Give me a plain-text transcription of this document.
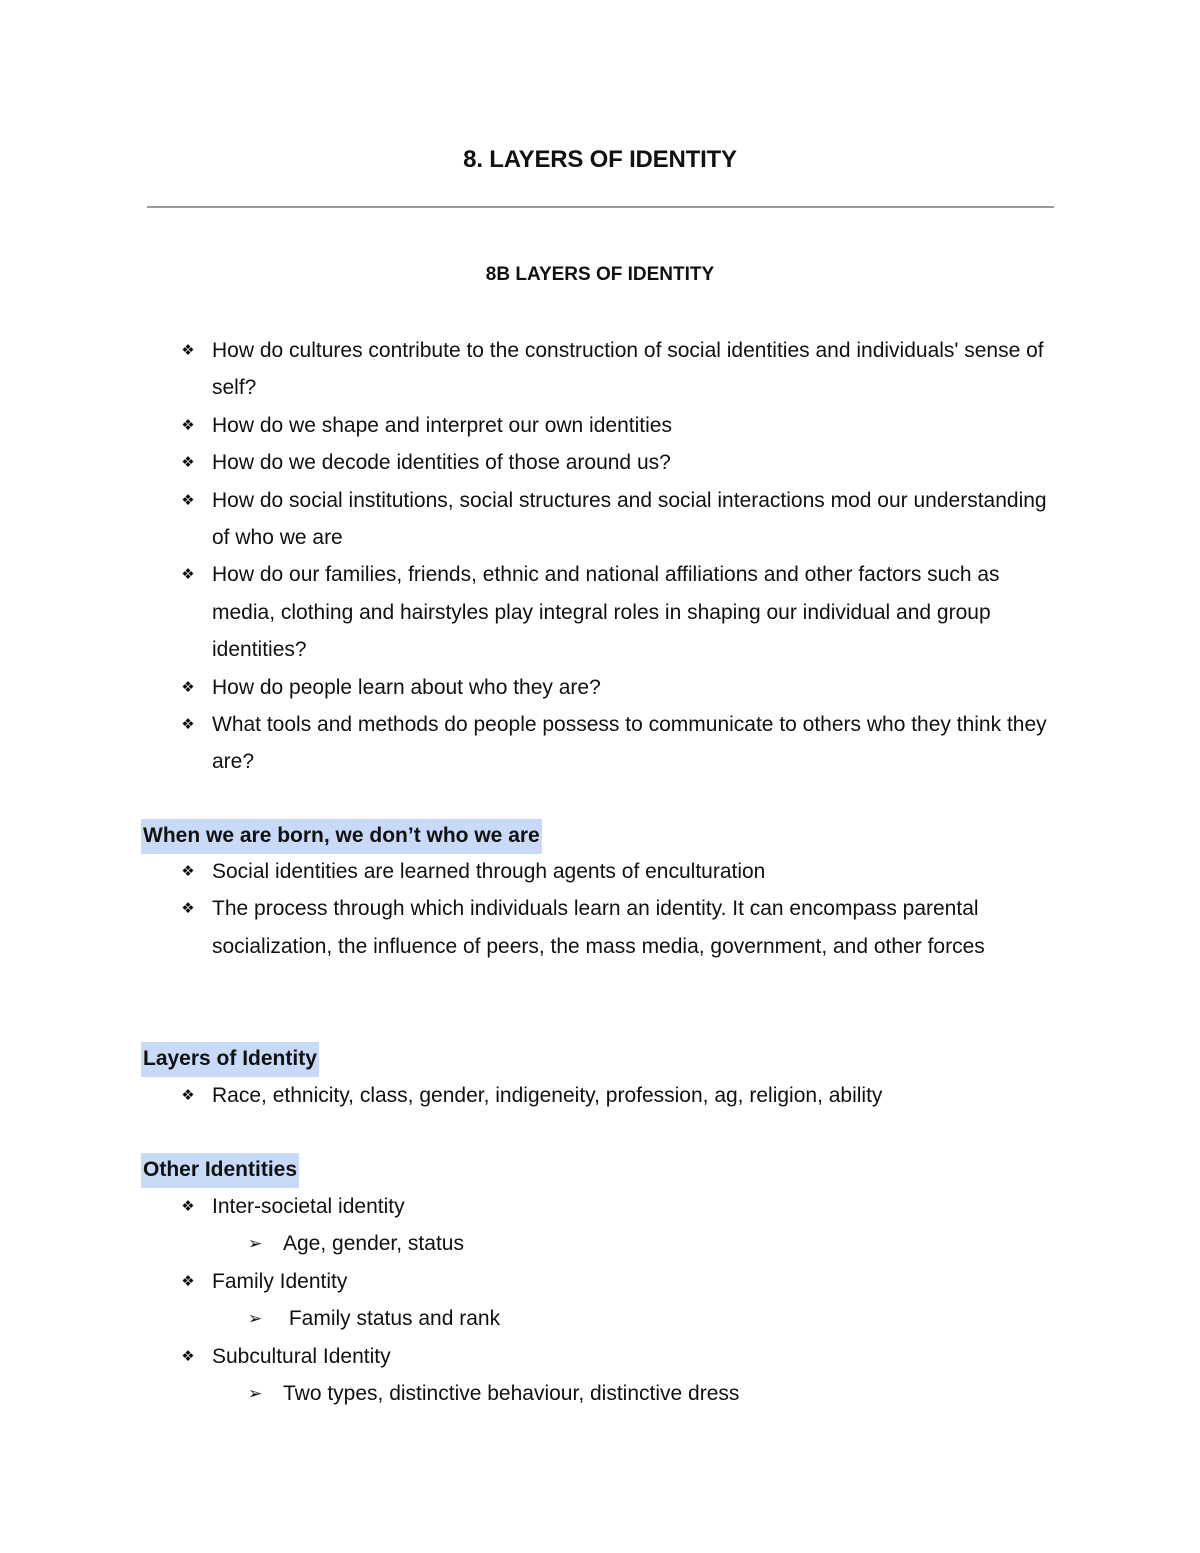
8. LAYERS OF IDENTITY
8B LAYERS OF IDENTITY
❖ How do cultures contribute to the construction of social identities and individuals' sense of self?
❖ How do we shape and interpret our own identities
❖ How do we decode identities of those around us?
❖ How do social institutions, social structures and social interactions mod our understanding of who we are
❖ How do our families, friends, ethnic and national affiliations and other factors such as media, clothing and hairstyles play integral roles in shaping our individual and group identities?
❖ How do people learn about who they are?
❖ What tools and methods do people possess to communicate to others who they think they are?
When we are born, we don’t who we are
❖ Social identities are learned through agents of enculturation
❖ The process through which individuals learn an identity. It can encompass parental socialization, the influence of peers, the mass media, government, and other forces
Layers of Identity
❖ Race, ethnicity, class, gender, indigeneity, profession, ag, religion, ability
Other Identities
❖ Inter-societal identity
➢ Age, gender, status
❖ Family Identity
➢ Family status and rank
❖ Subcultural Identity
➢ Two types, distinctive behaviour, distinctive dress
